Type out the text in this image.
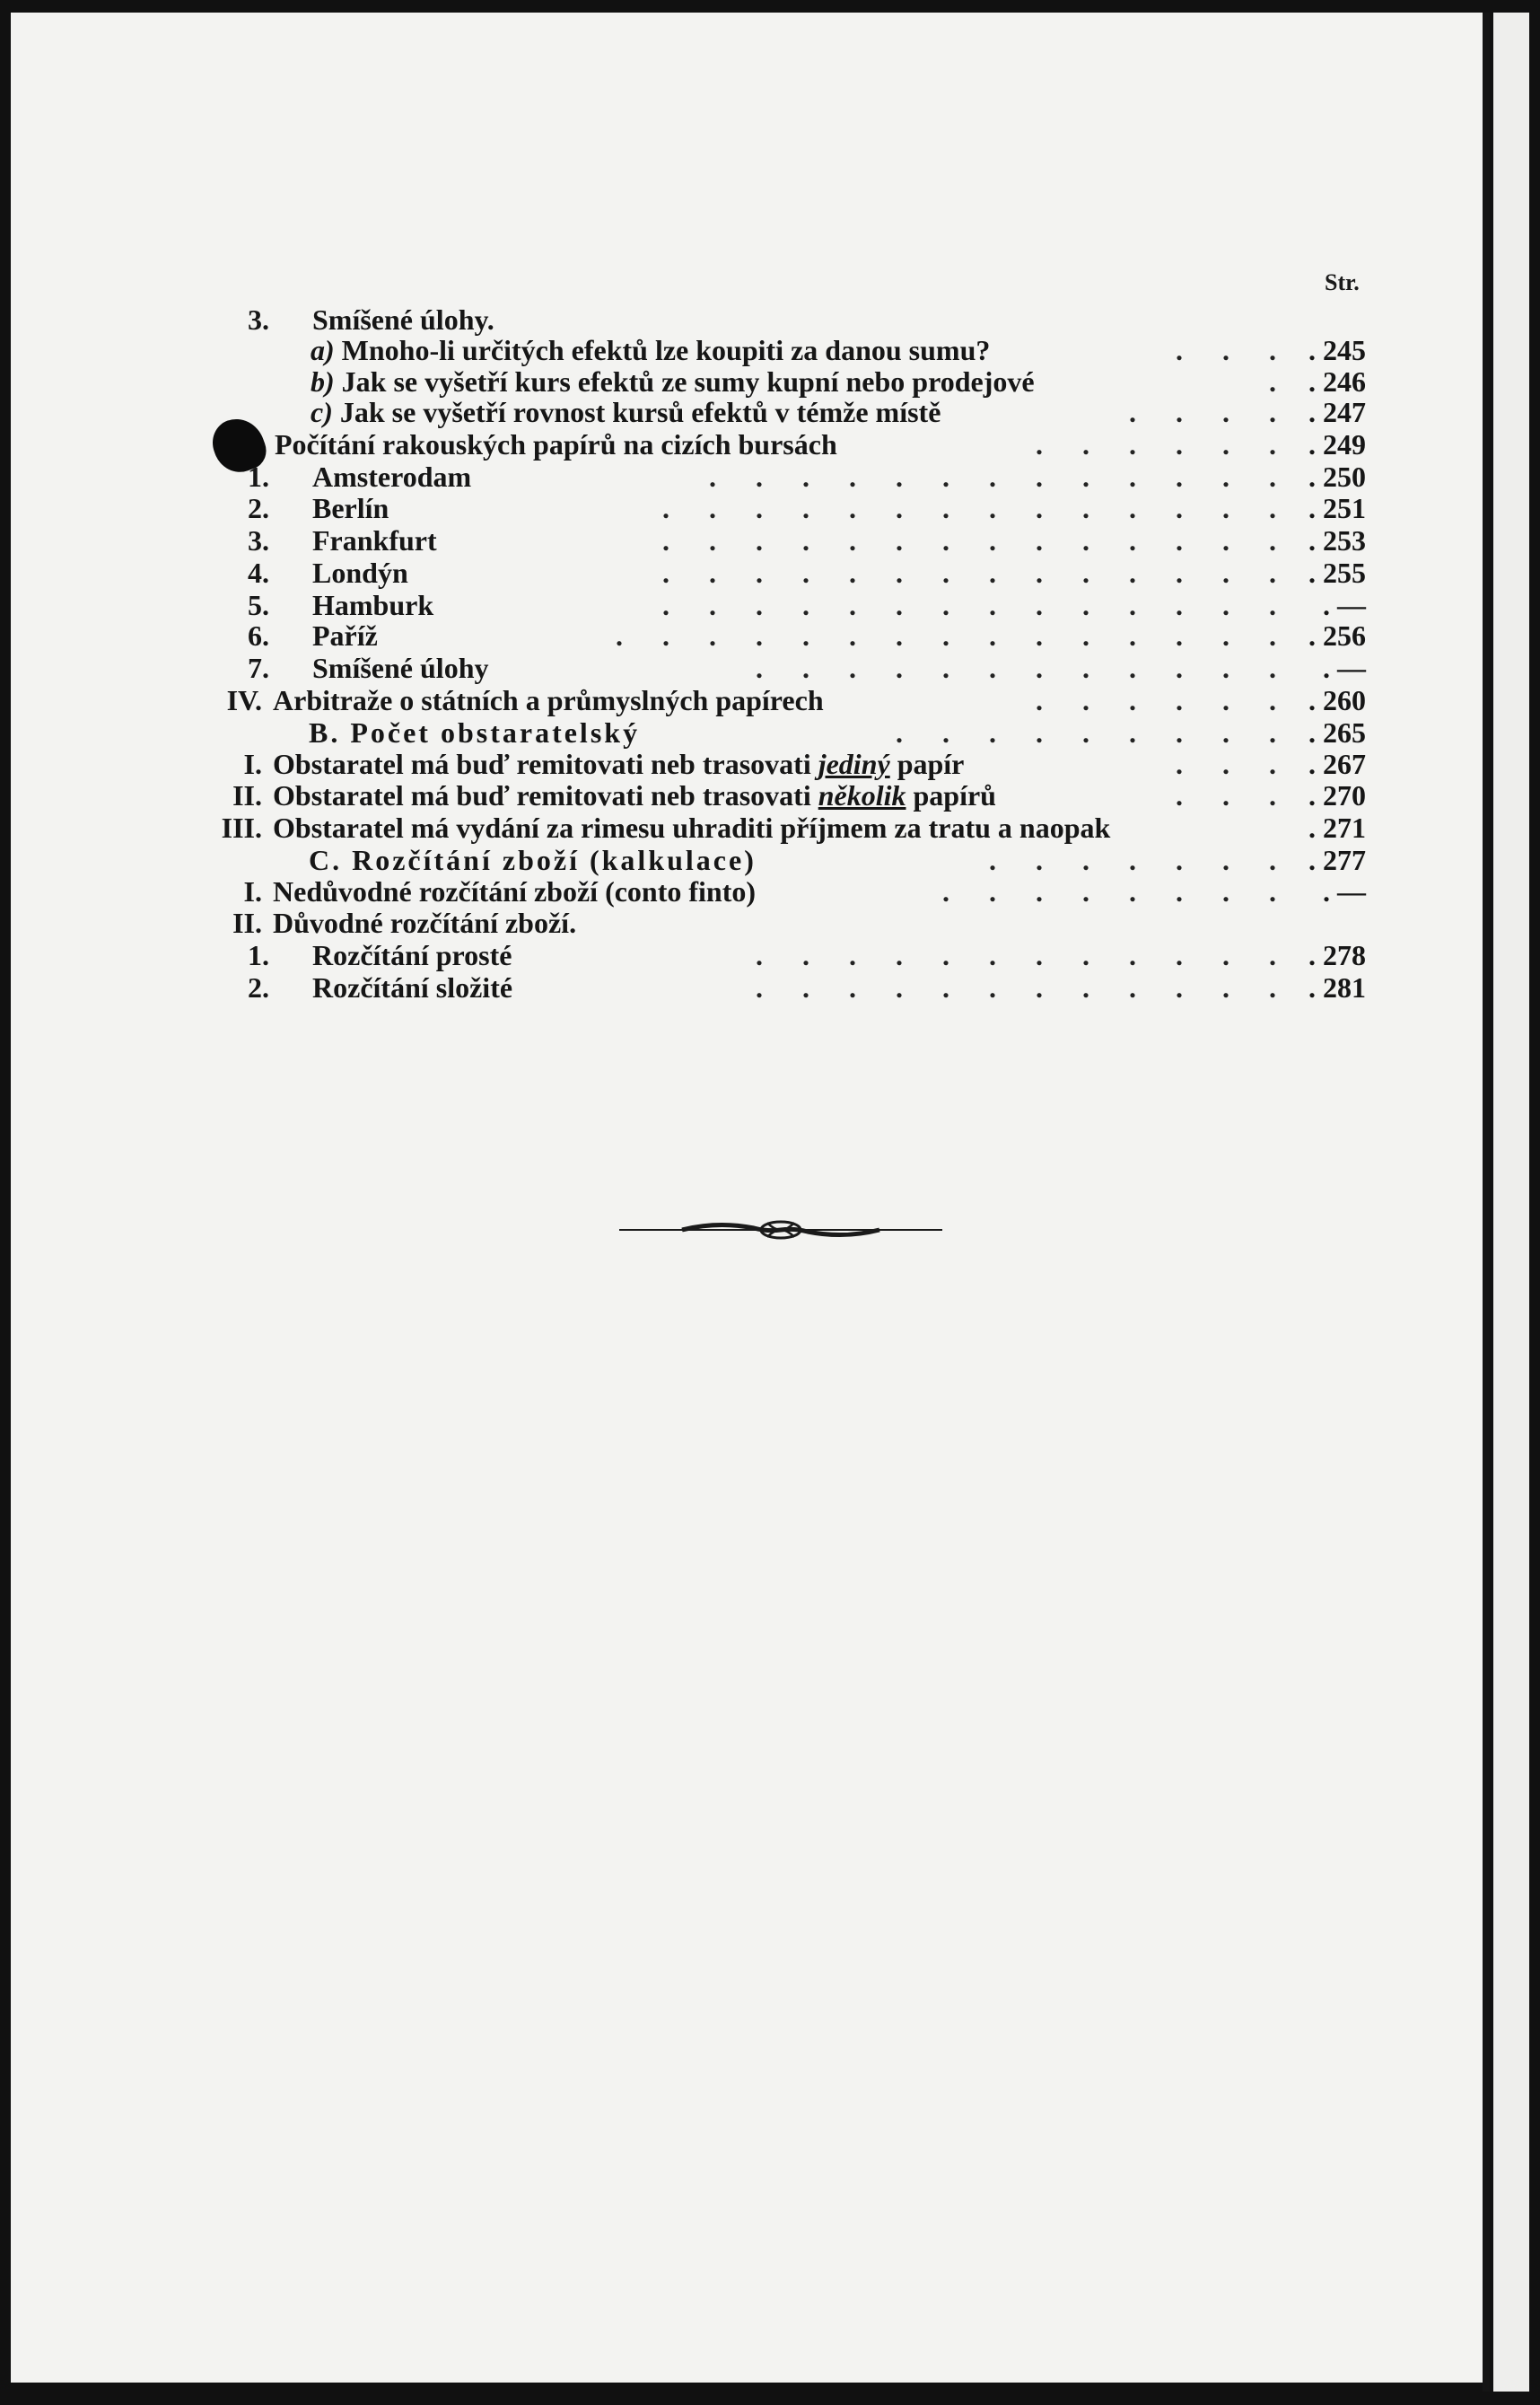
Str.
3. Smíšené úlohy.
a) Mnoho-li určitých efektů lze koupiti za danou sumu?	. . . . 245
b) Jak se vyšetří kurs efektů ze sumy kupní nebo prodejové	. . 246
c) Jak se vyšetří rovnost kursů efektů v témže místě	. . . . . 247
Počítání rakouských papírů na cizích bursách	. . . . . . . 249
1. Amsterodam	. . . . . . . . . . . . . . 250
2. Berlín	. . . . . . . . . . . . . . . 251
3. Frankfurt	. . . . . . . . . . . . . . . 253
4. Londýn	. . . . . . . . . . . . . . . 255
5. Hamburk	. . . . . . . . . . . . . .	. —
6. Paříž	. . . . . . . . . . . . . . . . 256
7. Smíšené úlohy	. . . . . . . . . . . .	. —
IV. Arbitraže o státních a průmyslných papírech	. . . . . . . 260
B. Počet obstaratelský	. . . . . . . . . . 265
I. Obstaratel má buď remitovati neb trasovati jediný papír	. . . . 267
II. Obstaratel má buď remitovati neb trasovati několik papírů	. . . . 270
III. Obstaratel má vydání za rimesu uhraditi příjmem za tratu a naopak	. 271
C. Rozčítání zboží (kalkulace)	. . . . . . . . 277
I. Nedůvodné rozčítání zboží (conto finto)	. . . . . . . .	. —
II. Důvodné rozčítání zboží.
1. Rozčítání prosté	. . . . . . . . . . . . . 278
2. Rozčítání složité	. . . . . . . . . . . . . 281
